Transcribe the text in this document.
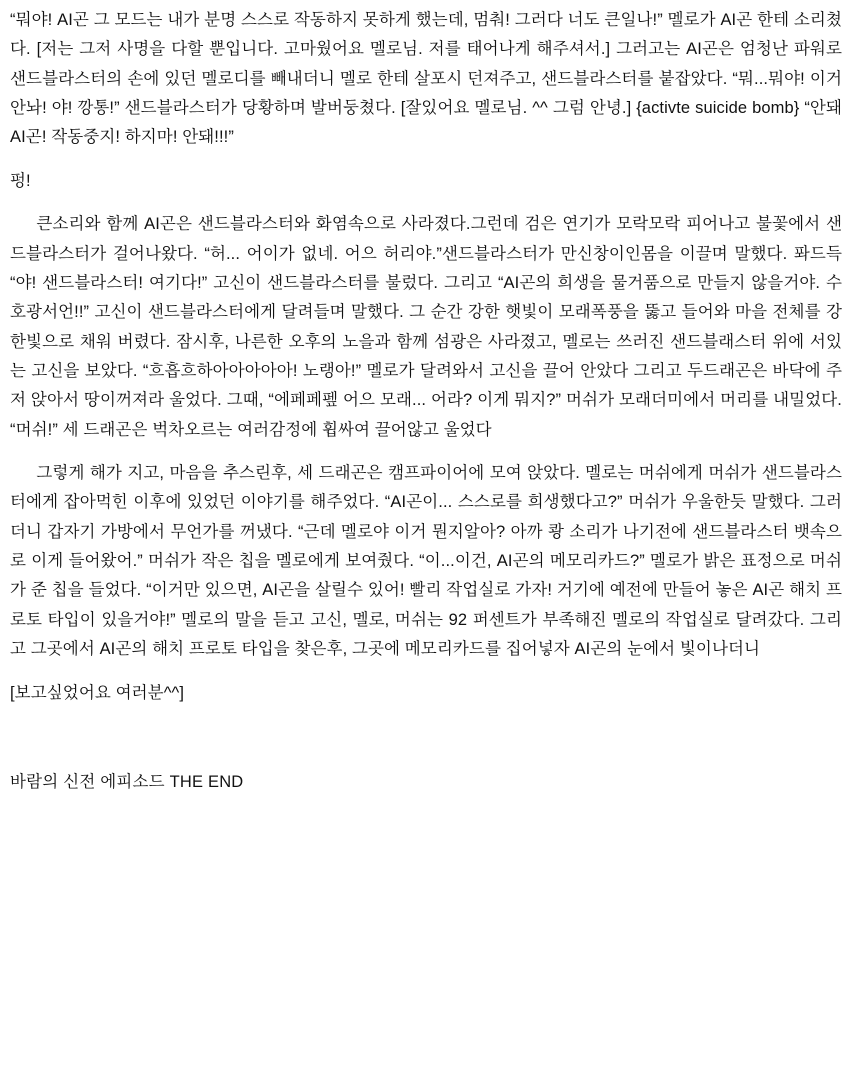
“뭐야! AI곤 그 모드는 내가 분명 스스로 작동하지 못하게 했는데, 멈춰! 그러다 너도 큰일나!” 멜로가 AI곤 한테 소리쳤다. [저는 그저 사명을 다할 뿐입니다. 고마웠어요 멜로님. 저를 태어나게 해주셔서.] 그러고는 AI곤은 엄청난 파워로 샌드블라스터의 손에 있던 멜로디를 빼내더니 멜로 한테 살포시 던져주고, 샌드블라스터를 붙잡았다. “뭐...뭐야! 이거 안놔! 야! 깡통!” 샌드블라스터가 당황하며 발버둥쳤다. [잘있어요 멜로님. ^^ 그럼 안녕.] {activte suicide bomb} “안돼 AI곤! 작동중지! 하지마! 안돼!!!”

펑!

큰소리와 함께 AI곤은 샌드블라스터와 화염속으로 사라졌다.그런데 검은 연기가 모락모락 피어나고 불꽃에서 샌드블라스터가 걸어나왔다. “허... 어이가 없네. 어으 허리야.”샌드블라스터가 만신창이인몸을 이끌며 말했다. 퐈드득 “야! 샌드블라스터! 여기다!” 고신이 샌드블라스터를 불렀다. 그리고 “AI곤의 희생을 물거품으로 만들지 않을거야. 수호광서언!!” 고신이 샌드블라스터에게 달려들며 말했다. 그 순간 강한 햇빛이 모래폭풍을 뚫고 들어와 마을 전체를 강한빛으로 채워 버렸다. 잠시후, 나른한 오후의 노을과 함께 섬광은 사라졌고, 멜로는 쓰러진 샌드블래스터 위에 서있는 고신을 보았다. “흐흡흐하아아아아아! 노랭아!” 멜로가 달려와서 고신을 끌어 안았다 그리고 두드래곤은 바닥에 주저 앉아서 땅이꺼져라 울었다. 그때, “에페페펲 어으 모래... 어라? 이게 뭐지?” 머쉬가 모래더미에서 머리를 내밀었다. “머쉬!” 세 드래곤은 벅차오르는 여러감정에 휩싸여 끌어않고 울었다

그렇게 해가 지고, 마음을 추스린후, 세 드래곤은 캠프파이어에 모여 앉았다. 멜로는 머쉬에게 머쉬가 샌드블라스터에게 잡아먹힌 이후에 있었던 이야기를 해주었다. “AI곤이... 스스로를 희생했다고?” 머쉬가 우울한듯 말했다. 그러더니 갑자기 가방에서 무언가를 꺼냈다. “근데 멜로야 이거 뭔지알아? 아까 쾅 소리가 나기전에 샌드블라스터 뱃속으로 이게 들어왔어.” 머쉬가 작은 칩을 멜로에게 보여줬다. “이...이건, AI곤의 메모리카드?” 멜로가 밝은 표정으로 머쉬가 준 칩을 들었다. “이거만 있으면, AI곤을 살릴수 있어! 빨리 작업실로 가자! 거기에 예전에 만들어 놓은 AI곤 해치 프로토 타입이 있을거야!” 멜로의 말을 듣고 고신, 멜로, 머쉬는 92 퍼센트가 부족해진 멜로의 작업실로 달려갔다. 그리고 그곳에서 AI곤의 해치 프로토 타입을 찾은후, 그곳에 메모리카드를 집어넣자 AI곤의 눈에서 빛이나더니

[보고싶었어요 여러분^^]

바람의 신전 에피소드 THE END
